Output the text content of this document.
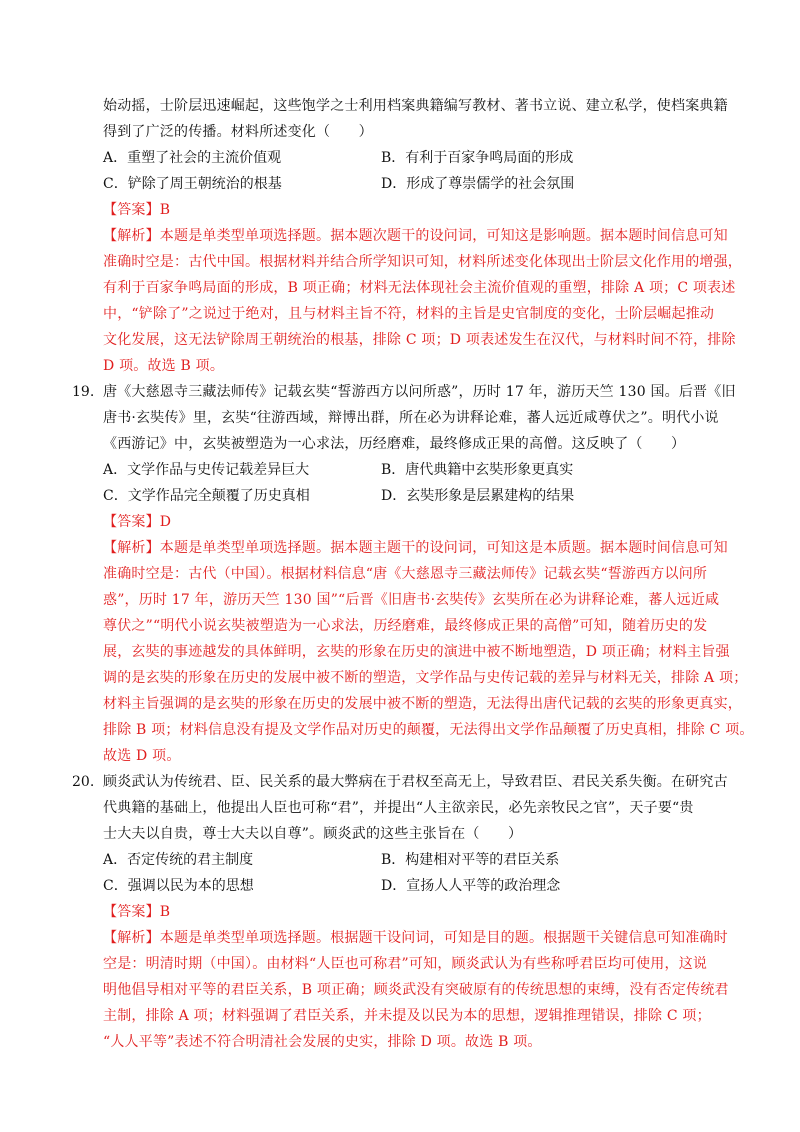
始动摇，士阶层迅速崛起，这些饱学之士利用档案典籍编写教材、著书立说、建立私学，使档案典籍
得到了广泛的传播。材料所述变化（　　）
A．重塑了社会的主流价值观	B．有利于百家争鸣局面的形成
C．铲除了周王朝统治的根基	D．形成了尊崇儒学的社会氛围
【答案】B
【解析】本题是单类型单项选择题。据本题次题干的设问词，可知这是影响题。据本题时间信息可知
准确时空是：古代中国。根据材料并结合所学知识可知，材料所述变化体现出士阶层文化作用的增强，
有利于百家争鸣局面的形成，B 项正确；材料无法体现社会主流价值观的重塑，排除 A 项；C 项表述
中，“铲除了”之说过于绝对，且与材料主旨不符，材料的主旨是史官制度的变化，士阶层崛起推动
文化发展，这无法铲除周王朝统治的根基，排除 C 项；D 项表述发生在汉代，与材料时间不符，排除
D 项。故选 B 项。
19. 唐《大慈恩寺三藏法师传》记载玄奘“誓游西方以问所惑”，历时 17 年，游历天竺 130 国。后晋《旧
唐书·玄奘传》里，玄奘“往游西域，辩博出群，所在必为讲释论难，蕃人远近咸尊伏之”。明代小说
《西游记》中，玄奘被塑造为一心求法，历经磨难，最终修成正果的高僧。这反映了（　　）
A．文学作品与史传记载差异巨大	B．唐代典籍中玄奘形象更真实
C．文学作品完全颠覆了历史真相	D．玄奘形象是层累建构的结果
【答案】D
【解析】本题是单类型单项选择题。据本题主题干的设问词，可知这是本质题。据本题时间信息可知
准确时空是：古代（中国）。根据材料信息“唐《大慈恩寺三藏法师传》记载玄奘“誓游西方以问所
惑”，历时 17 年，游历天竺 130 国”“后晋《旧唐书·玄奘传》玄奘所在必为讲释论难，蕃人远近咸
尊伏之”“明代小说玄奘被塑造为一心求法，历经磨难，最终修成正果的高僧”可知，随着历史的发
展，玄奘的事迹越发的具体鲜明，玄奘的形象在历史的演进中被不断地塑造，D 项正确；材料主旨强
调的是玄奘的形象在历史的发展中被不断的塑造，文学作品与史传记载的差异与材料无关，排除 A 项；
材料主旨强调的是玄奘的形象在历史的发展中被不断的塑造，无法得出唐代记载的玄奘的形象更真实，
排除 B 项；材料信息没有提及文学作品对历史的颠覆，无法得出文学作品颠覆了历史真相，排除 C 项。
故选 D 项。
20. 顾炎武认为传统君、臣、民关系的最大弊病在于君权至高无上，导致君臣、君民关系失衡。在研究古
代典籍的基础上，他提出人臣也可称“君”，并提出“人主欲亲民，必先亲牧民之官”，天子要“贵
士大夫以自贵，尊士大夫以自尊”。顾炎武的这些主张旨在（　　）
A．否定传统的君主制度	B．构建相对平等的君臣关系
C．强调以民为本的思想	D．宣扬人人平等的政治理念
【答案】B
【解析】本题是单类型单项选择题。根据题干设问词，可知是目的题。根据题干关键信息可知准确时
空是：明清时期（中国）。由材料“人臣也可称君”可知，顾炎武认为有些称呼君臣均可使用，这说
明他倡导相对平等的君臣关系，B 项正确；顾炎武没有突破原有的传统思想的束缚，没有否定传统君
主制，排除 A 项；材料强调了君臣关系，并未提及以民为本的思想，逻辑推理错误，排除 C 项；
“人人平等”表述不符合明清社会发展的史实，排除 D 项。故选 B 项。
